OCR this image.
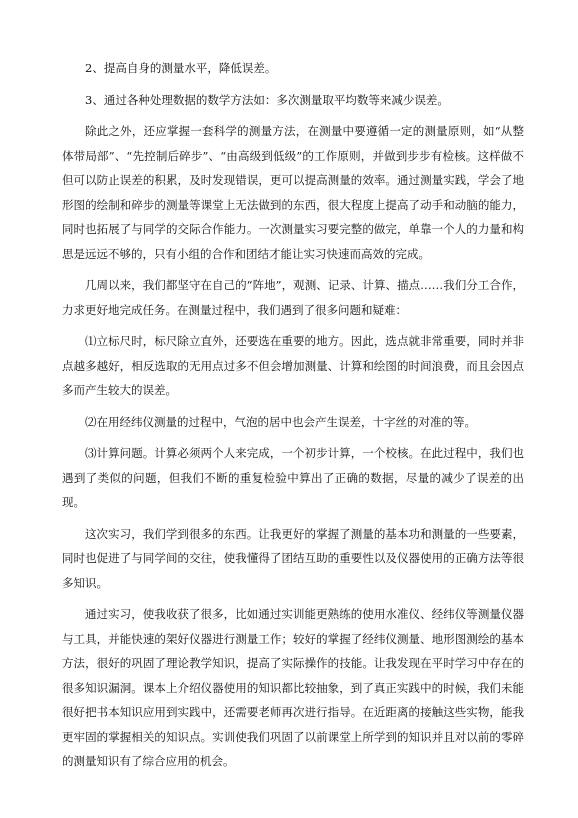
2、提高自身的测量水平，降低误差。

3、通过各种处理数据的数学方法如：多次测量取平均数等来减少误差。

除此之外，还应掌握一套科学的测量方法，在测量中要遵循一定的测量原则，如“从整体带局部”、“先控制后碎步”、“由高级到低级”的工作原则，并做到步步有检核。这样做不但可以防止误差的积累，及时发现错误，更可以提高测量的效率。通过测量实践，学会了地形图的绘制和碎步的测量等课堂上无法做到的东西，很大程度上提高了动手和动脑的能力，同时也拓展了与同学的交际合作能力。一次测量实习要完整的做完，单靠一个人的力量和构思是远远不够的，只有小组的合作和团结才能让实习快速而高效的完成。

几周以来，我们都坚守在自己的“阵地”，观测、记录、计算、描点……我们分工合作，力求更好地完成任务。在测量过程中，我们遇到了很多问题和疑难：

⑴立标尺时，标尺除立直外，还要选在重要的地方。因此，选点就非常重要，同时并非点越多越好，相反选取的无用点过多不但会增加测量、计算和绘图的时间浪费，而且会因点多而产生较大的误差。

⑵在用经纬仪测量的过程中，气泡的居中也会产生误差，十字丝的对准的等。

⑶计算问题。计算必须两个人来完成，一个初步计算，一个校核。在此过程中，我们也遇到了类似的问题，但我们不断的重复检验中算出了正确的数据，尽量的减少了误差的出现。

这次实习，我们学到很多的东西。让我更好的掌握了测量的基本功和测量的一些要素，同时也促进了与同学间的交往，使我懂得了团结互助的重要性以及仪器使用的正确方法等很多知识。

通过实习，使我收获了很多，比如通过实训能更熟练的使用水准仪、经纬仪等测量仪器与工具，并能快速的架好仪器进行测量工作；较好的掌握了经纬仪测量、地形图测绘的基本方法，很好的巩固了理论教学知识，提高了实际操作的技能。让我发现在平时学习中存在的很多知识漏洞。课本上介绍仪器使用的知识都比较抽象，到了真正实践中的时候，我们未能很好把书本知识应用到实践中，还需要老师再次进行指导。在近距离的接触这些实物，能我更牢固的掌握相关的知识点。实训使我们巩固了以前课堂上所学到的知识并且对以前的零碎的测量知识有了综合应用的机会。
